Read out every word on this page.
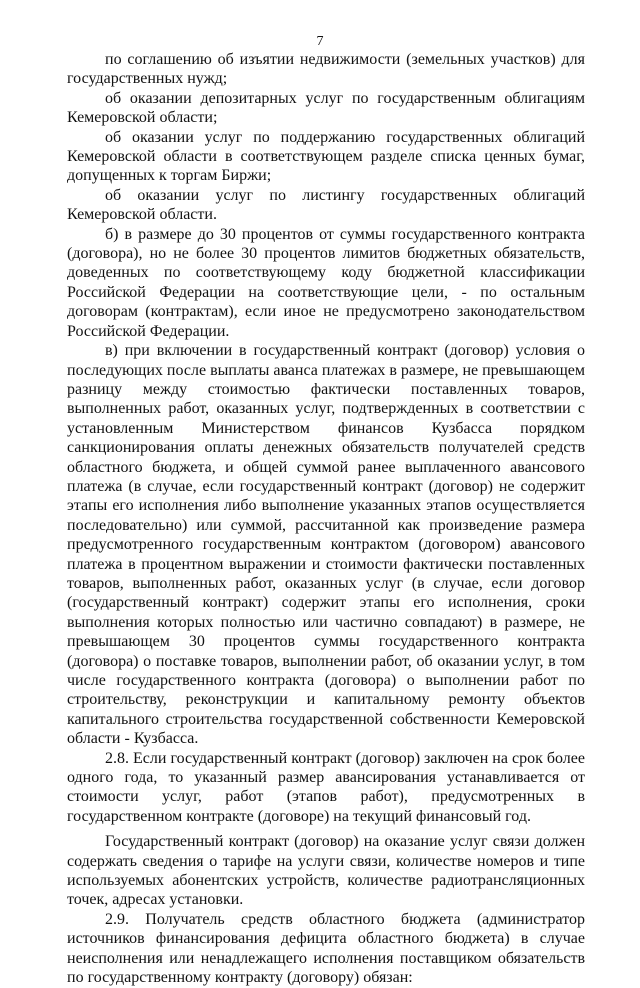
7

по соглашению об изъятии недвижимости (земельных участков) для государственных нужд;

об оказании депозитарных услуг по государственным облигациям Кемеровской области;

об оказании услуг по поддержанию государственных облигаций Кемеровской области в соответствующем разделе списка ценных бумаг, допущенных к торгам Биржи;

об оказании услуг по листингу государственных облигаций Кемеровской области.

б) в размере до 30 процентов от суммы государственного контракта (договора), но не более 30 процентов лимитов бюджетных обязательств, доведенных по соответствующему коду бюджетной классификации Российской Федерации на соответствующие цели, - по остальным договорам (контрактам), если иное не предусмотрено законодательством Российской Федерации.

в) при включении в государственный контракт (договор) условия о последующих после выплаты аванса платежах в размере, не превышающем разницу между стоимостью фактически поставленных товаров, выполненных работ, оказанных услуг, подтвержденных в соответствии с установленным Министерством финансов Кузбасса порядком санкционирования оплаты денежных обязательств получателей средств областного бюджета, и общей суммой ранее выплаченного авансового платежа (в случае, если государственный контракт (договор) не содержит этапы его исполнения либо выполнение указанных этапов осуществляется последовательно) или суммой, рассчитанной как произведение размера предусмотренного государственным контрактом (договором) авансового платежа в процентном выражении и стоимости фактически поставленных товаров, выполненных работ, оказанных услуг (в случае, если договор (государственный контракт) содержит этапы его исполнения, сроки выполнения которых полностью или частично совпадают) в размере, не превышающем 30 процентов суммы государственного контракта (договора) о поставке товаров, выполнении работ, об оказании услуг, в том числе государственного контракта (договора) о выполнении работ по строительству, реконструкции и капитальному ремонту объектов капитального строительства государственной собственности Кемеровской области - Кузбасса.

2.8. Если государственный контракт (договор) заключен на срок более одного года, то указанный размер авансирования устанавливается от стоимости услуг, работ (этапов работ), предусмотренных в государственном контракте (договоре) на текущий финансовый год.

Государственный контракт (договор) на оказание услуг связи должен содержать сведения о тарифе на услуги связи, количестве номеров и типе используемых абонентских устройств, количестве радиотрансляционных точек, адресах установки.

2.9. Получатель средств областного бюджета (администратор источников финансирования дефицита областного бюджета) в случае неисполнения или ненадлежащего исполнения поставщиком обязательств по государственному контракту (договору) обязан:
